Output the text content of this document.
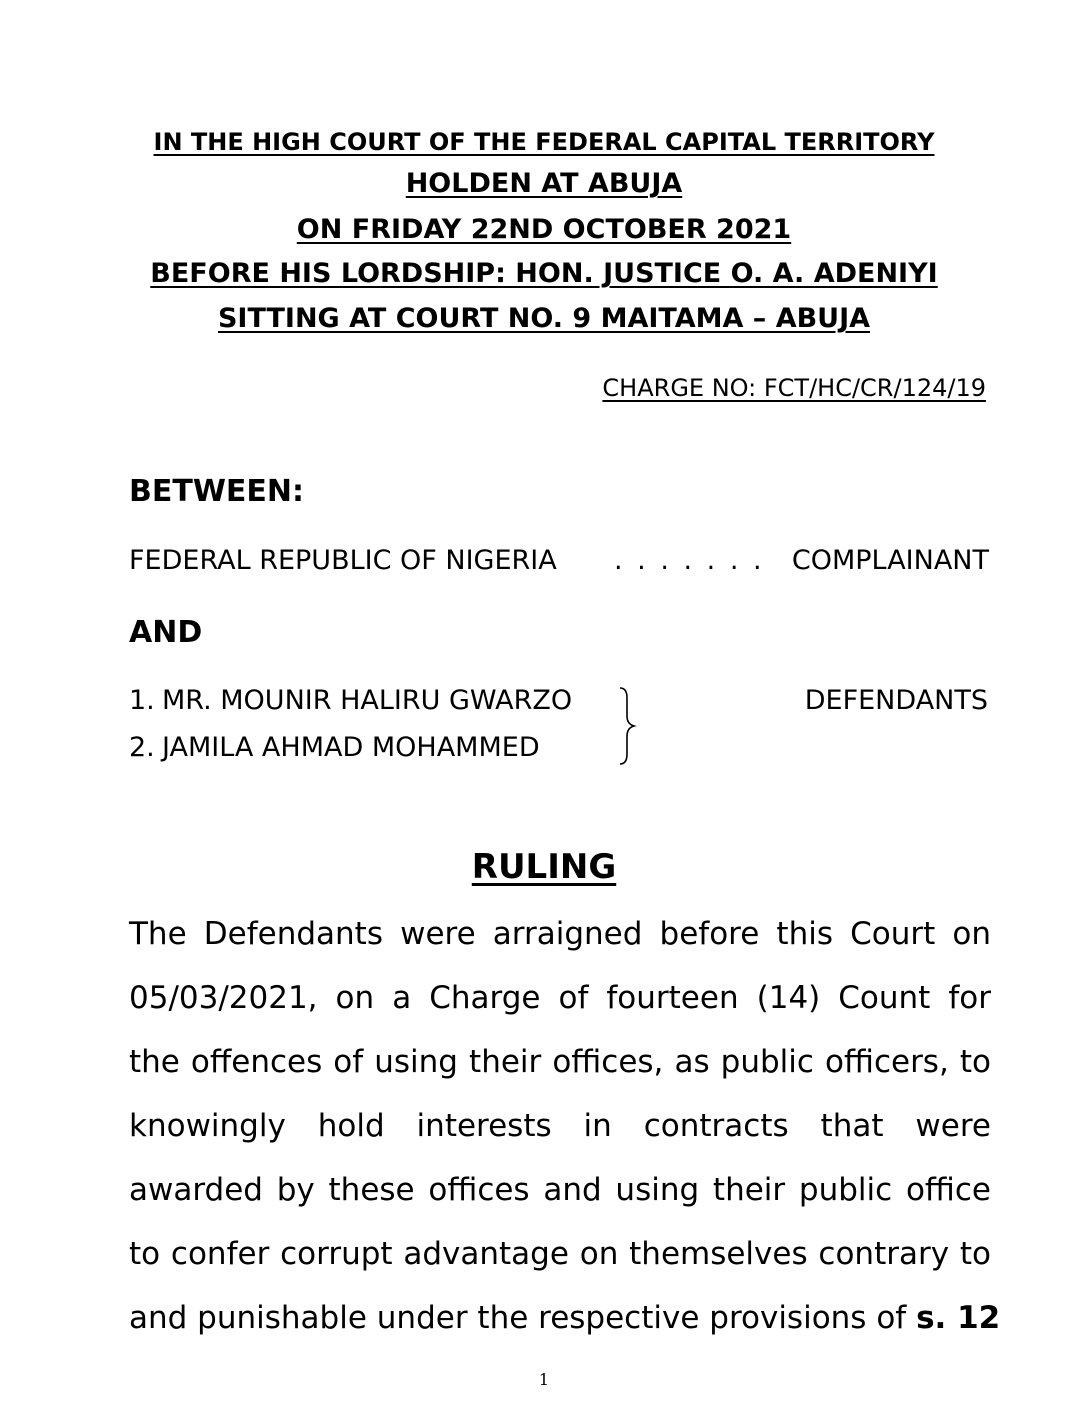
IN THE HIGH COURT OF THE FEDERAL CAPITAL TERRITORY
HOLDEN AT ABUJA
ON FRIDAY 22ND OCTOBER 2021
BEFORE HIS LORDSHIP: HON. JUSTICE O. A. ADENIYI
SITTING AT COURT NO. 9 MAITAMA – ABUJA
CHARGE NO: FCT/HC/CR/124/19
BETWEEN:
FEDERAL REPUBLIC OF NIGERIA . . . . . . . COMPLAINANT
AND
1. MR. MOUNIR HALIRU GWARZO
2. JAMILA AHMAD MOHAMMED
DEFENDANTS
RULING
The Defendants were arraigned before this Court on
05/03/2021, on a Charge of fourteen (14) Count for
the offences of using their offices, as public officers, to
knowingly hold interests in contracts that were
awarded by these offices and using their public office
to confer corrupt advantage on themselves contrary to
and punishable under the respective provisions of s. 12
1
